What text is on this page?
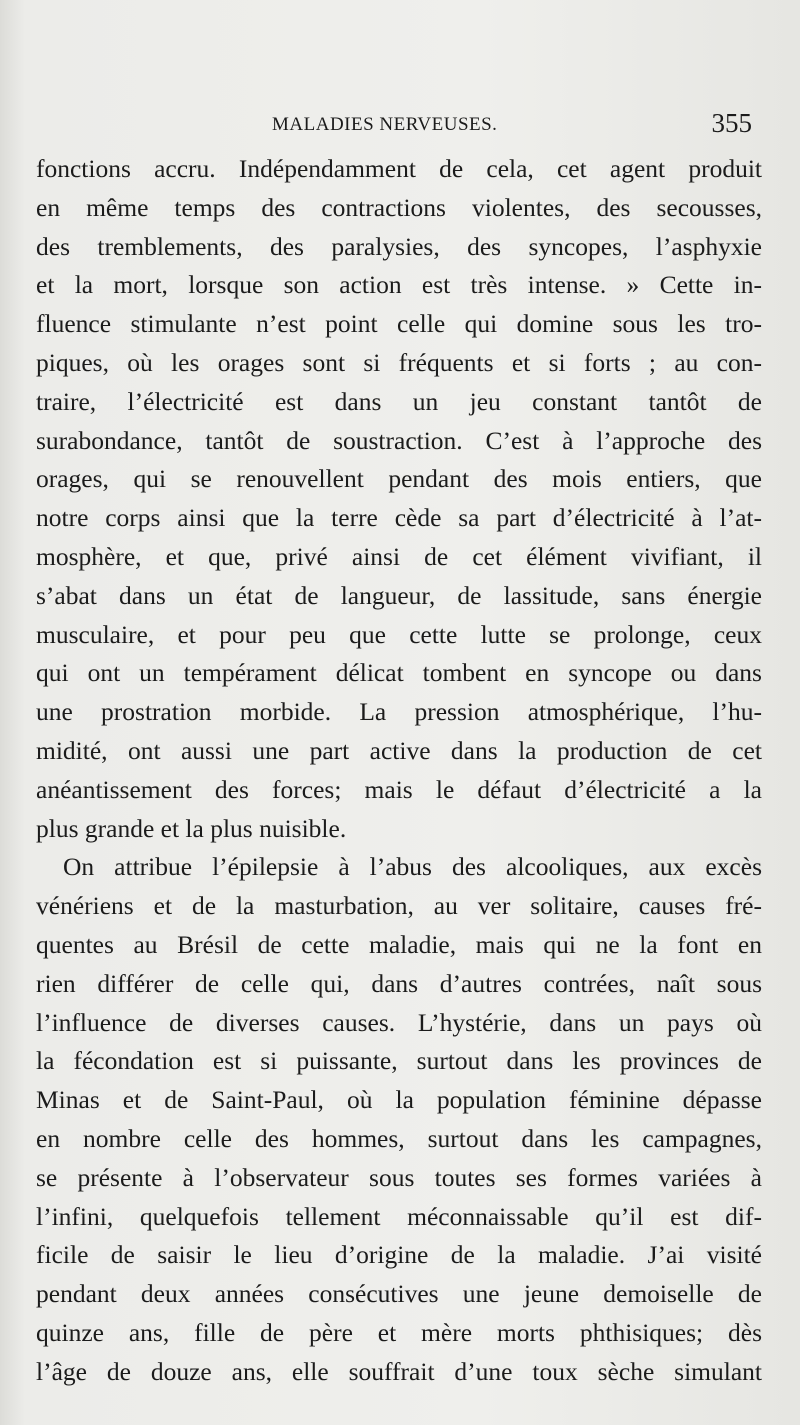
MALADIES NERVEUSES.	355
fonctions accru. Indépendamment de cela, cet agent produit
en même temps des contractions violentes, des secousses,
des tremblements, des paralysies, des syncopes, l’asphyxie
et la mort, lorsque son action est très intense. » Cette in-
fluence stimulante n’est point celle qui domine sous les tro-
piques, où les orages sont si fréquents et si forts ; au con-
traire, l’électricité est dans un jeu constant tantôt de
surabondance, tantôt de soustraction. C’est à l’approche des
orages, qui se renouvellent pendant des mois entiers, que
notre corps ainsi que la terre cède sa part d’électricité à l’at-
mosphère, et que, privé ainsi de cet élément vivifiant, il
s’abat dans un état de langueur, de lassitude, sans énergie
musculaire, et pour peu que cette lutte se prolonge, ceux
qui ont un tempérament délicat tombent en syncope ou dans
une prostration morbide. La pression atmosphérique, l’hu-
midité, ont aussi une part active dans la production de cet
anéantissement des forces; mais le défaut d’électricité a la
plus grande et la plus nuisible.
On attribue l’épilepsie à l’abus des alcooliques, aux excès
vénériens et de la masturbation, au ver solitaire, causes fré-
quentes au Brésil de cette maladie, mais qui ne la font en
rien différer de celle qui, dans d’autres contrées, naît sous
l’influence de diverses causes. L’hystérie, dans un pays où
la fécondation est si puissante, surtout dans les provinces de
Minas et de Saint-Paul, où la population féminine dépasse
en nombre celle des hommes, surtout dans les campagnes,
se présente à l’observateur sous toutes ses formes variées à
l’infini, quelquefois tellement méconnaissable qu’il est dif-
ficile de saisir le lieu d’origine de la maladie. J’ai visité
pendant deux années consécutives une jeune demoiselle de
quinze ans, fille de père et mère morts phthisiques; dès
l’âge de douze ans, elle souffrait d’une toux sèche simulant
